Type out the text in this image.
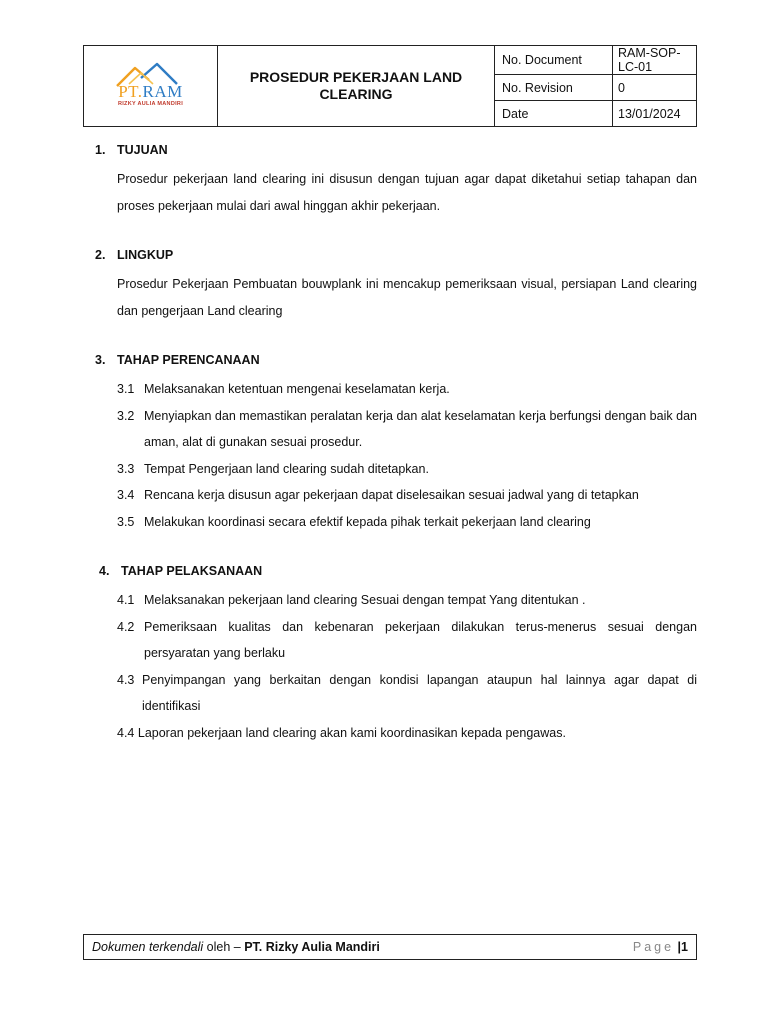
PT.RAM
RIZKY AULIA MANDIRI	PROSEDUR PEKERJAAN LAND CLEARING	No. Document	RAM-SOP-LC-01
		No. Revision	0
		Date	13/01/2024
1. TUJUAN
Prosedur pekerjaan land clearing ini disusun dengan tujuan agar dapat diketahui setiap tahapan dan proses pekerjaan mulai dari awal hinggan akhir pekerjaan.
2. LINGKUP
Prosedur Pekerjaan Pembuatan bouwplank ini mencakup pemeriksaan visual, persiapan Land clearing dan pengerjaan Land clearing
3. TAHAP PERENCANAAN
3.1 Melaksanakan ketentuan mengenai keselamatan kerja.
3.2 Menyiapkan dan memastikan peralatan kerja dan alat keselamatan kerja berfungsi dengan baik dan aman, alat di gunakan sesuai prosedur.
3.3 Tempat Pengerjaan land clearing sudah ditetapkan.
3.4 Rencana kerja disusun agar pekerjaan dapat diselesaikan sesuai jadwal yang di tetapkan
3.5 Melakukan koordinasi secara efektif kepada pihak terkait pekerjaan land clearing
4. TAHAP PELAKSANAAN
4.1 Melaksanakan pekerjaan land clearing Sesuai dengan tempat Yang ditentukan .
4.2 Pemeriksaan kualitas dan kebenaran pekerjaan dilakukan terus-menerus sesuai dengan persyaratan yang berlaku
4.3 Penyimpangan yang berkaitan dengan kondisi lapangan ataupun hal lainnya agar dapat di identifikasi
4.4
Laporan pekerjaan land clearing akan kami koordinasikan kepada pengawas.
Dokumen terkendali oleh – PT. Rizky Aulia Mandiri	Page |1
